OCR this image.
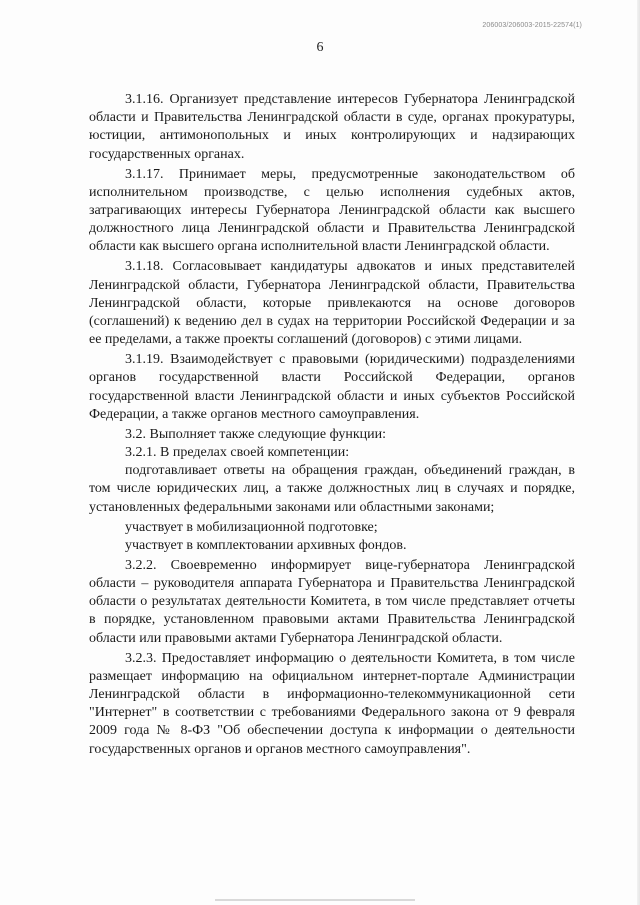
206003/206003-2015-22574(1)
6

3.1.16. Организует представление интересов Губернатора Ленинградской области и Правительства Ленинградской области в суде, органах прокуратуры, юстиции, антимонопольных и иных контролирующих и надзирающих государственных органах.

3.1.17. Принимает меры, предусмотренные законодательством об исполнительном производстве, с целью исполнения судебных актов, затрагивающих интересы Губернатора Ленинградской области как высшего должностного лица Ленинградской области и Правительства Ленинградской области как высшего органа исполнительной власти Ленинградской области.

3.1.18. Согласовывает кандидатуры адвокатов и иных представителей Ленинградской области, Губернатора Ленинградской области, Правительства Ленинградской области, которые привлекаются на основе договоров (соглашений) к ведению дел в судах на территории Российской Федерации и за ее пределами, а также проекты соглашений (договоров) с этими лицами.

3.1.19. Взаимодействует с правовыми (юридическими) подразделениями органов государственной власти Российской Федерации, органов государственной власти Ленинградской области и иных субъектов Российской Федерации, а также органов местного самоуправления.

3.2. Выполняет также следующие функции:

3.2.1. В пределах своей компетенции:

подготавливает ответы на обращения граждан, объединений граждан, в том числе юридических лиц, а также должностных лиц в случаях и порядке, установленных федеральными законами или областными законами;

участвует в мобилизационной подготовке;

участвует в комплектовании архивных фондов.

3.2.2. Своевременно информирует вице-губернатора Ленинградской области – руководителя аппарата Губернатора и Правительства Ленинградской области о результатах деятельности Комитета, в том числе представляет отчеты в порядке, установленном правовыми актами Правительства Ленинградской области или правовыми актами Губернатора Ленинградской области.

3.2.3. Предоставляет информацию о деятельности Комитета, в том числе размещает информацию на официальном интернет-портале Администрации Ленинградской области в информационно-телекоммуникационной сети "Интернет" в соответствии с требованиями Федерального закона от 9 февраля 2009 года № 8-ФЗ "Об обеспечении доступа к информации о деятельности государственных органов и органов местного самоуправления".
